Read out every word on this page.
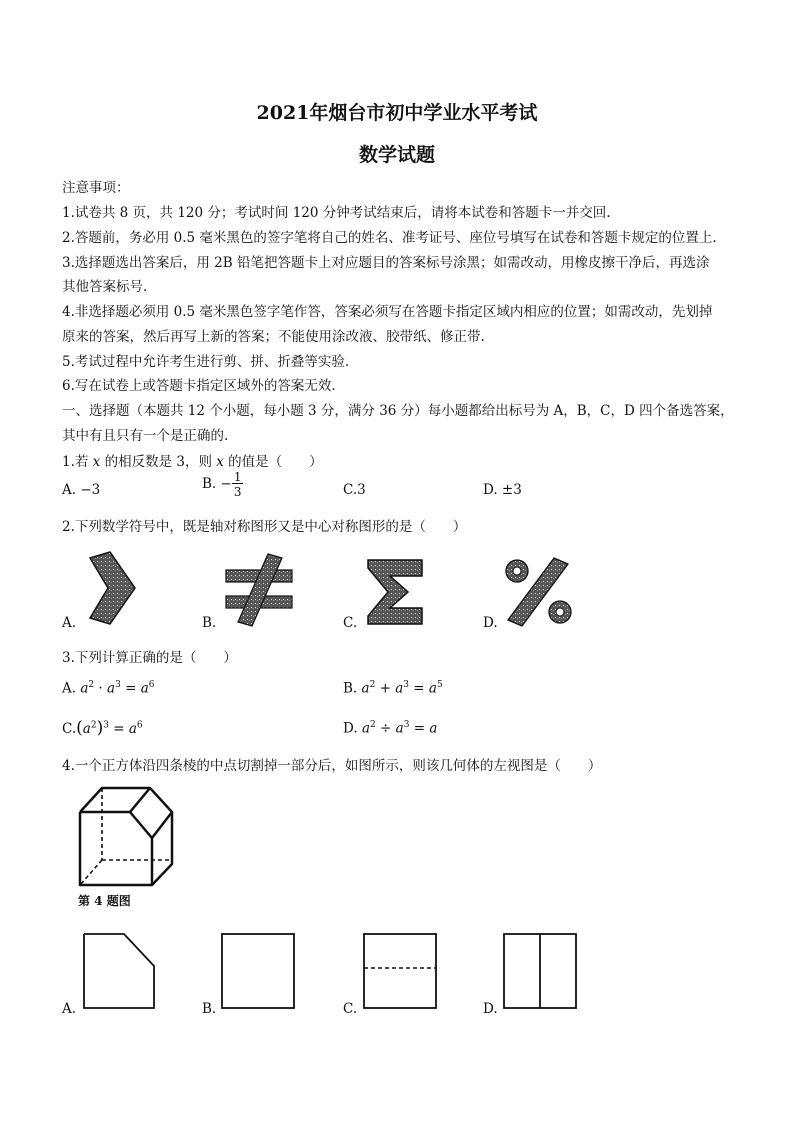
2021年烟台市初中学业水平考试
数学试题
注意事项：
1.试卷共 8 页，共 120 分；考试时间 120 分钟考试结束后，请将本试卷和答题卡一并交回.
2.答题前，务必用 0.5 毫米黑色的签字笔将自己的姓名、准考证号、座位号填写在试卷和答题卡规定的位置上.
3.选择题选出答案后，用 2B 铅笔把答题卡上对应题目的答案标号涂黑；如需改动，用橡皮擦干净后，再选涂
其他答案标号.
4.非选择题必须用 0.5 毫米黑色签字笔作答，答案必须写在答题卡指定区域内相应的位置；如需改动，先划掉
原来的答案，然后再写上新的答案；不能使用涂改液、胶带纸、修正带.
5.考试过程中允许考生进行剪、拼、折叠等实验.
6.写在试卷上或答题卡指定区域外的答案无效.
一、选择题（本题共 12 个小题，每小题 3 分，满分 36 分）每小题都给出标号为 A，B，C，D 四个备选答案，
其中有且只有一个是正确的.
1.若 x 的相反数是 3，则 x 的值是（　　）
A. −3	B. − $\frac{1}{3}$	C.3	D. ±3
2.下列数学符号中，既是轴对称图形又是中心对称图形的是（　　）
A.	B.	C.	D.
3.下列计算正确的是（　　）
A. $a^2 \cdot a^3 = a^6$	B. $a^2 + a^3 = a^5$
$C.(a^2)^3 = a^6$	D. $a^2 \div a^3 = a$
4.一个正方体沿四条棱的中点切割掉一部分后，如图所示，则该几何体的左视图是（　　）
第 4 题图
A.	B.	C.	D.
